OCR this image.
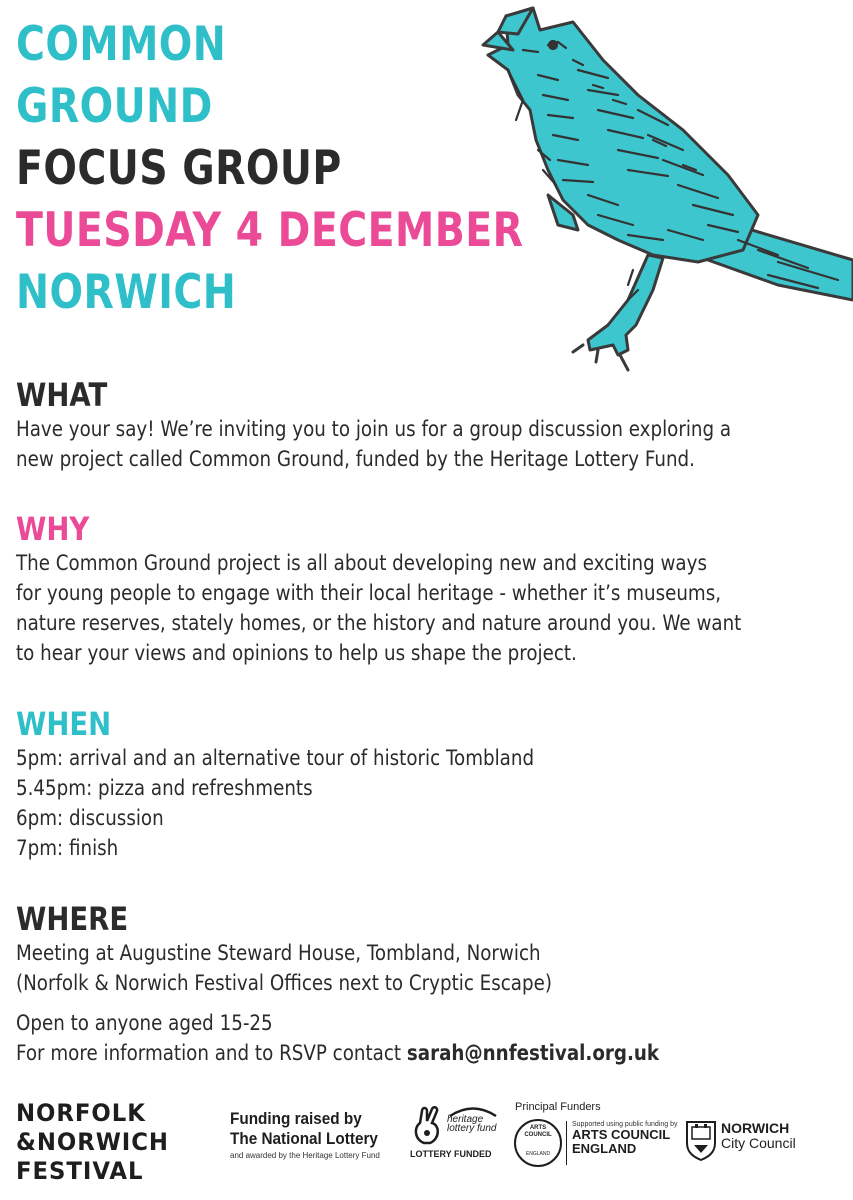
COMMON
GROUND
FOCUS GROUP
TUESDAY 4 DECEMBER
NORWICH
WHAT

Have your say! We’re inviting you to join us for a group discussion exploring a

new project called Common Ground, funded by the Heritage Lottery Fund.

WHY

The Common Ground project is all about developing new and exciting ways

for young people to engage with their local heritage - whether it’s museums,

nature reserves, stately homes, or the history and nature around you. We want

to hear your views and opinions to help us shape the project.

WHEN

5pm: arrival and an alternative tour of historic Tombland

5.45pm: pizza and refreshments

6pm: discussion

7pm: finish

WHERE

Meeting at Augustine Steward House, Tombland, Norwich

(Norfolk & Norwich Festival Offices next to Cryptic Escape)

Open to anyone aged 15-25

For more information and to RSVP contact sarah@nnfestival.org.uk

NORFOLK
&NORWICH
FESTIVAL
Funding raised by
The National Lottery
and awarded by the Heritage Lottery Fund
heritage lottery fund
LOTTERY FUNDED
Principal Funders
ARTS COUNCIL
ENGLAND
Supported using public funding by
ARTS COUNCIL
ENGLAND
NORWICH
City Council
